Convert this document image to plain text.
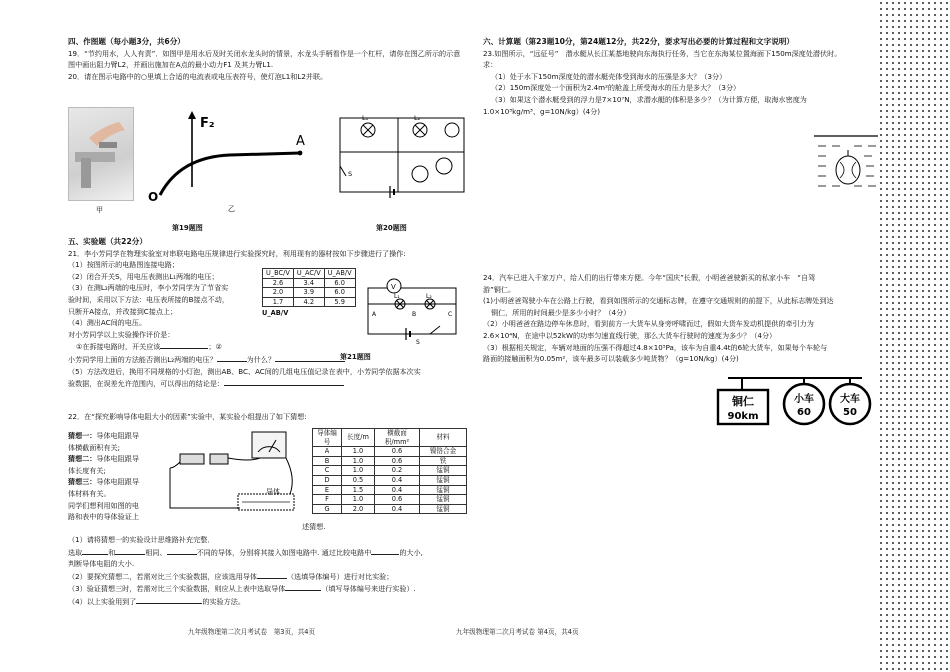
四、作图题（每小题3分，共6分）
19．“节约用水，人人有责”．如图甲是用水后及时关闭水龙头时的情景，水龙头手柄看作是一个杠杆，请你在图乙所示的示意图中画出阻力臂L2，并画出施加在A点的最小动力F1 及其力臂L1.
20．请在图示电路中的○里填上合适的电流表或电压表符号，使灯泡L1和L2并联。
甲
F₂
A
O
乙
L₁	L₂
S
第19题图	第20题图
五、实验题（共22分）
21．李小芳同学在物理实验室对串联电路电压规律进行实验探究时，利用现有的器材按如下步骤进行了操作:
（1）按图所示的电路图连接电路；
（2）闭合开关S，用电压表测出L₁两端的电压；
（3）在测L₂两端的电压时，李小芳同学为了节省实
验时间，采用以下方法：电压表所接的B接点不动，
只断开A接点，并改接到C接点上；
（4）测出AC间的电压。
对小芳同学以上实验操作评价是：
①在拆接电路时，开关应该	；②
小芳同学用上面的方法能否测出L₂两端的电压？	为什么？
（5）方法改进后，换用不同规格的小灯泡，测出AB、BC、AC间的几组电压值记录在表中，小芳同学依据本次实
验数据，在误差允许范围内，可以得出的结论是：
U_BC/V	U_AC/V	U_AB/V
2.6	3.4	6.0
2.0	3.9	6.0
1.7	4.2	5.9
U_AB/V
V
L₁	L₂
A	B	C
S
第21题图
22．在“探究影响导体电阻大小的因素”实验中，某实验小组提出了如下猜想:
猜想一：导体电阻跟导
体横截面积有关;
猜想二：导体电阻跟导
体长度有关;
猜想三：导体电阻跟导
体材料有关。
同学们想利用如图的电
路和表中的导体验证上
述猜想.
导体
导体编号	长度/m	横截面积/mm²	材料
A	1.0	0.6	镍铬合金
B	1.0	0.6	铁
C	1.0	0.2	锰铜
D	0.5	0.4	锰铜
E	1.5	0.4	锰铜
F	1.0	0.6	锰铜
G	2.0	0.4	锰铜
（1）请将猜想一的实验设计思维路补充完整．
选取	和	相同、	不同的导体，分别将其接入如图电路中. 通过比较电路中	的大小,
判断导体电阻的大小.
（2）要探究猜想二，若需对比三个实验数据，应该选用导体	（选填导体编号）进行对比实验；
（3）验证猜想三时，若需对比三个实验数据，则应从上表中选取导体	（填写导体编号来进行实验）.
（4）以上实验用到了	的实验方法。
九年级物理第二次月考试卷　第3页，共4页
六、计算题（第23题10分，第24题12分，共22分，要求写出必要的计算过程和文字说明）
23.如图所示，“远征号”　潜水艇从长江某基地驶向东海执行任务，当它在东海某位置海面下150m深度处潜伏时。
求：
（1）处于水下150m深度处的潜水艇壳体受到海水的压强是多大？（3分）
（2）150m深度处一个面积为2.4m²的舱盖上所受海水的压力是多大？（3分）
（3）如果这个潜水艇受到的浮力是7×10⁷N，求潜水艇的体积是多少？（为计算方便，取海水密度为
1.0×10³kg/m³、g=10N/kg）(4分)
24．汽车已进入千家万户，给人们的出行带来方便。今年“国庆”长假，小明爸爸驶新买的私家小车　“自驾
游”铜仁。
(1)小明爸爸驾驶小车在公路上行驶，看到如图所示的交通标志牌，在遵守交通规则的前提下，从此标志牌处到达
铜仁，所用的时间最少是多少小时？（4分）
（2）小明爸爸在路边停车休息时，看到前方一大货车从身旁呼啸而过，假如大货车发动机提供的牵引力为
2.6×10⁴N，在途中以52kW的功率匀速直线行驶，那么大货车行驶时的速度为多少？（4分）
（3）根据相关规定，车辆对地面的压强不得超过4.8×10⁵Pa，该车为自重4.4t的6轮大货车，如果每个车轮与
路面的接触面积为0.05m²，该车最多可以装载多少吨货物？（g=10N/kg）(4分)
铜仁
90km
小车
60
大车
50
九年级物理第二次月考试卷 第4页，共4页
